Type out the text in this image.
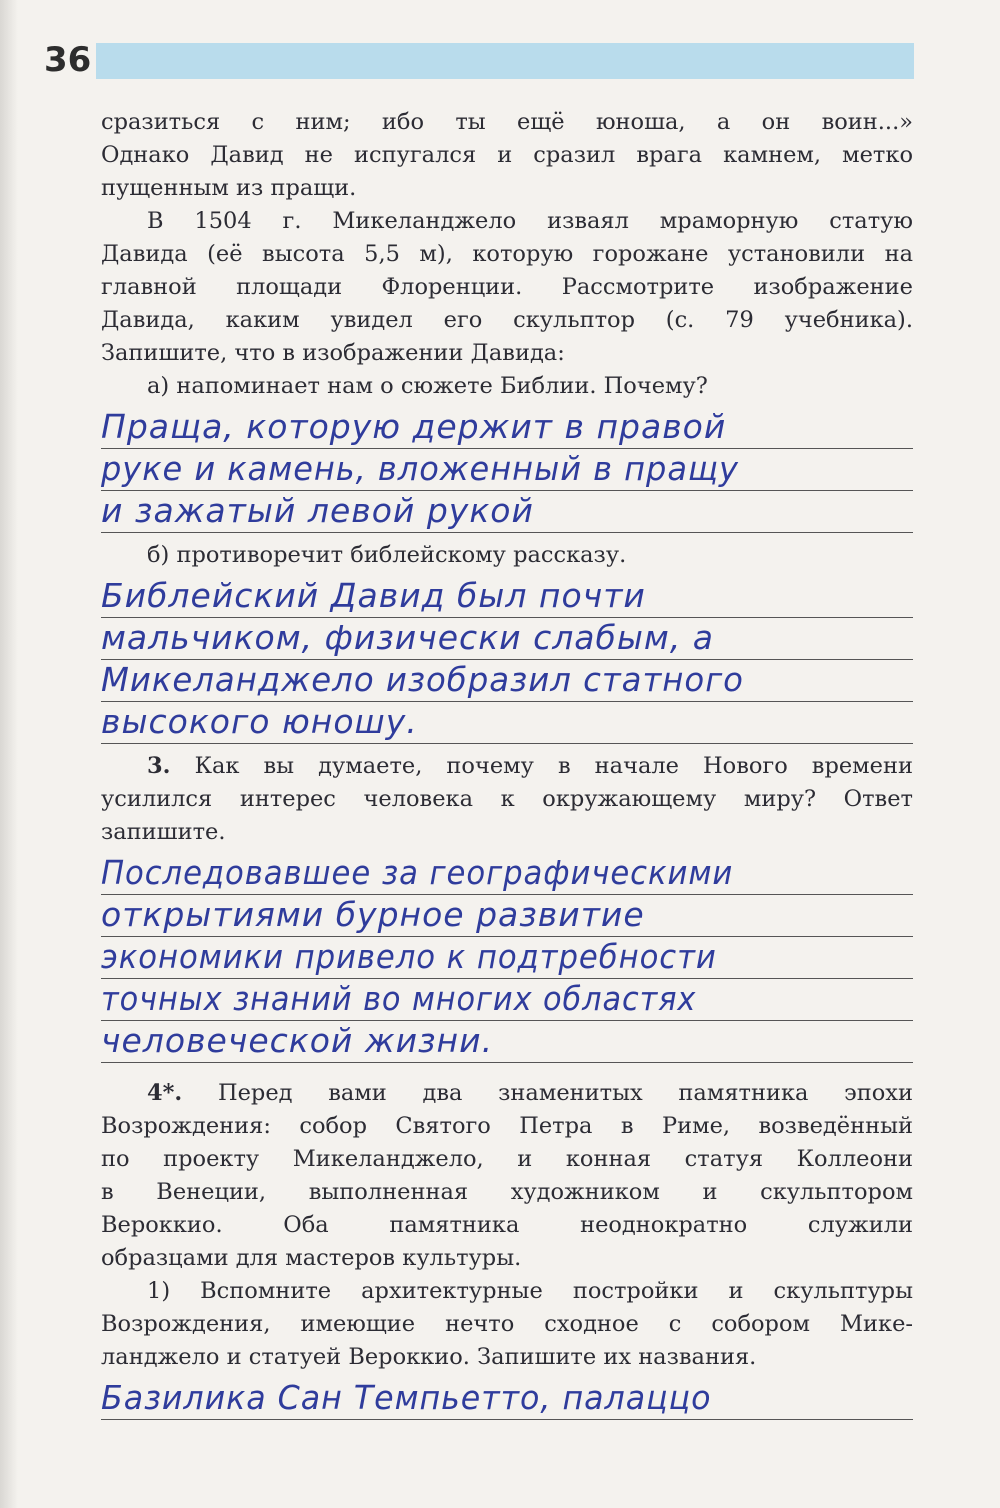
36
сразиться с ним; ибо ты ещё юноша, а он воин...»
Однако Давид не испугался и сразил врага камнем, метко
пущенным из пращи.
В 1504 г. Микеланджело изваял мраморную статую
Давида (её высота 5,5 м), которую горожане установили на
главной площади Флоренции. Рассмотрите изображение
Давида, каким увидел его скульптор (с. 79 учебника).
Запишите, что в изображении Давида:
а) напоминает нам о сюжете Библии. Почему?
Праща, которую держит в правой
руке и камень, вложенный в пращу
и зажатый левой рукой
б) противоречит библейскому рассказу.
Библейский Давид был почти
мальчиком, физически слабым, а
Микеланджело изобразил статного
высокого юношу.
3. Как вы думаете, почему в начале Нового времени
усилился интерес человека к окружающему миру? Ответ
запишите.
Последовавшее за географическими
открытиями бурное развитие
экономики привело к подтребности
точных знаний во многих областях
человеческой жизни.
4*. Перед вами два знаменитых памятника эпохи
Возрождения: собор Святого Петра в Риме, возведённый
по проекту Микеланджело, и конная статуя Коллеони
в Венеции, выполненная художником и скульптором
Вероккио. Оба памятника неоднократно служили
образцами для мастеров культуры.
1) Вспомните архитектурные постройки и скульптуры
Возрождения, имеющие нечто сходное с собором Мике-
ланджело и статуей Вероккио. Запишите их названия.
Базилика Сан Темпьетто, палаццо
